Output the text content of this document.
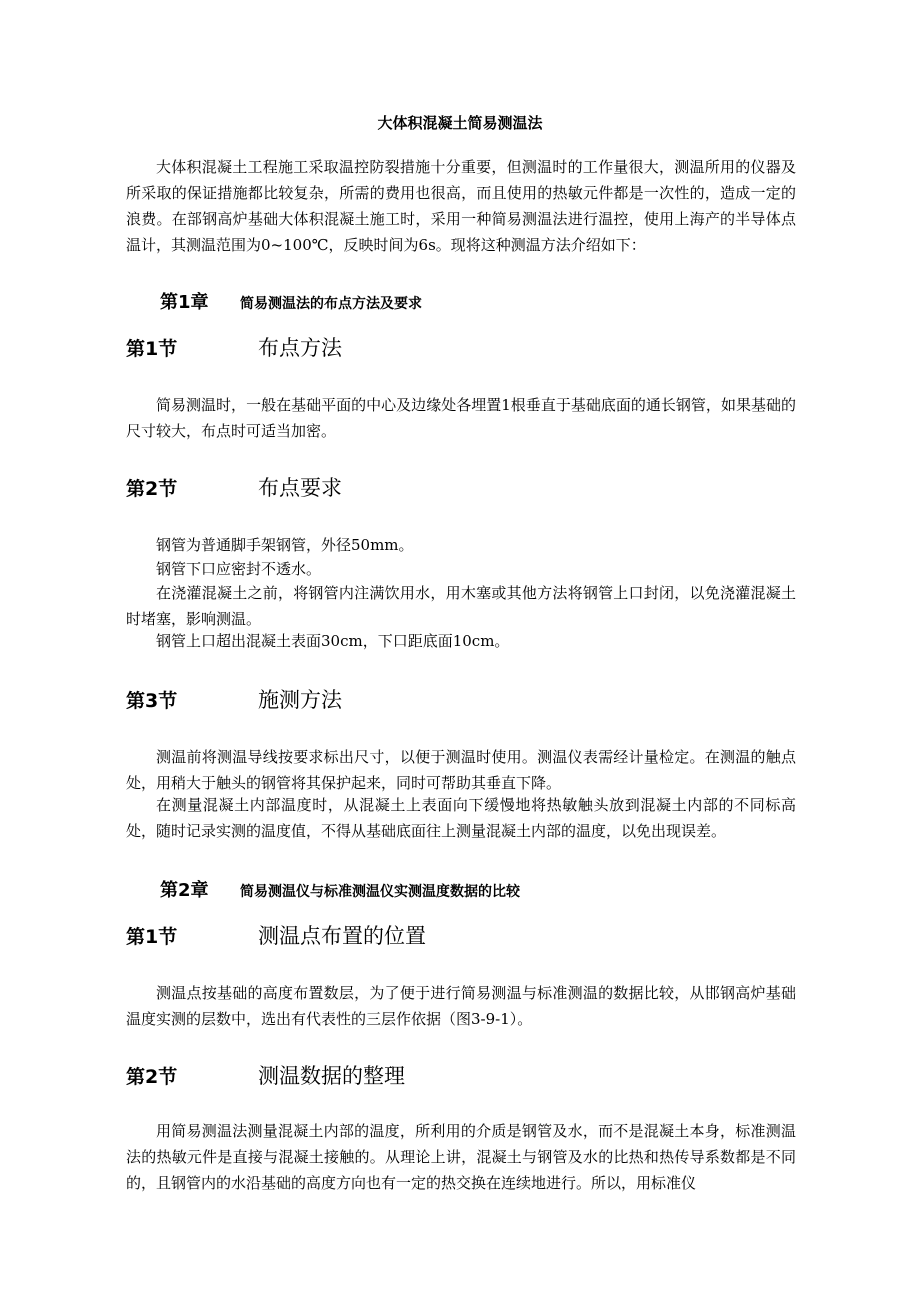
大体积混凝土简易测温法

大体积混凝土工程施工采取温控防裂措施十分重要，但测温时的工作量很大，测温所用的仪器及所采取的保证措施都比较复杂，所需的费用也很高，而且使用的热敏元件都是一次性的，造成一定的浪费。在部钢高炉基础大体积混凝土施工时，采用一种简易测温法进行温控，使用上海产的半导体点温计，其测温范围为0~100℃，反映时间为6s。现将这种测温方法介绍如下：

第1章	简易测温法的布点方法及要求
第1节	布点方法

简易测温时，一般在基础平面的中心及边缘处各埋置1根垂直于基础底面的通长钢管，如果基础的尺寸较大，布点时可适当加密。

第2节	布点要求

钢管为普通脚手架钢管，外径50mm。

钢管下口应密封不透水。

在浇灌混凝土之前，将钢管内注满饮用水，用木塞或其他方法将钢管上口封闭，以免浇灌混凝土时堵塞，影响测温。

钢管上口超出混凝土表面30cm，下口距底面10cm。

第3节	施测方法

测温前将测温导线按要求标出尺寸，以便于测温时使用。测温仪表需经计量检定。在测温的触点处，用稍大于触头的钢管将其保护起来，同时可帮助其垂直下降。

在测量混凝土内部温度时，从混凝土上表面向下缓慢地将热敏触头放到混凝土内部的不同标高处，随时记录实测的温度值，不得从基础底面往上测量混凝土内部的温度，以免出现误差。

第2章	简易测温仪与标准测温仪实测温度数据的比较
第1节	测温点布置的位置

测温点按基础的高度布置数层，为了便于进行简易测温与标准测温的数据比较，从邯钢高炉基础温度实测的层数中，选出有代表性的三层作依据（图3-9-1）。

第2节	测温数据的整理

用简易测温法测量混凝土内部的温度，所利用的介质是钢管及水，而不是混凝土本身，标准测温法的热敏元件是直接与混凝土接触的。从理论上讲，混凝土与钢管及水的比热和热传导系数都是不同的，且钢管内的水沿基础的高度方向也有一定的热交换在连续地进行。所以，用标准仪
